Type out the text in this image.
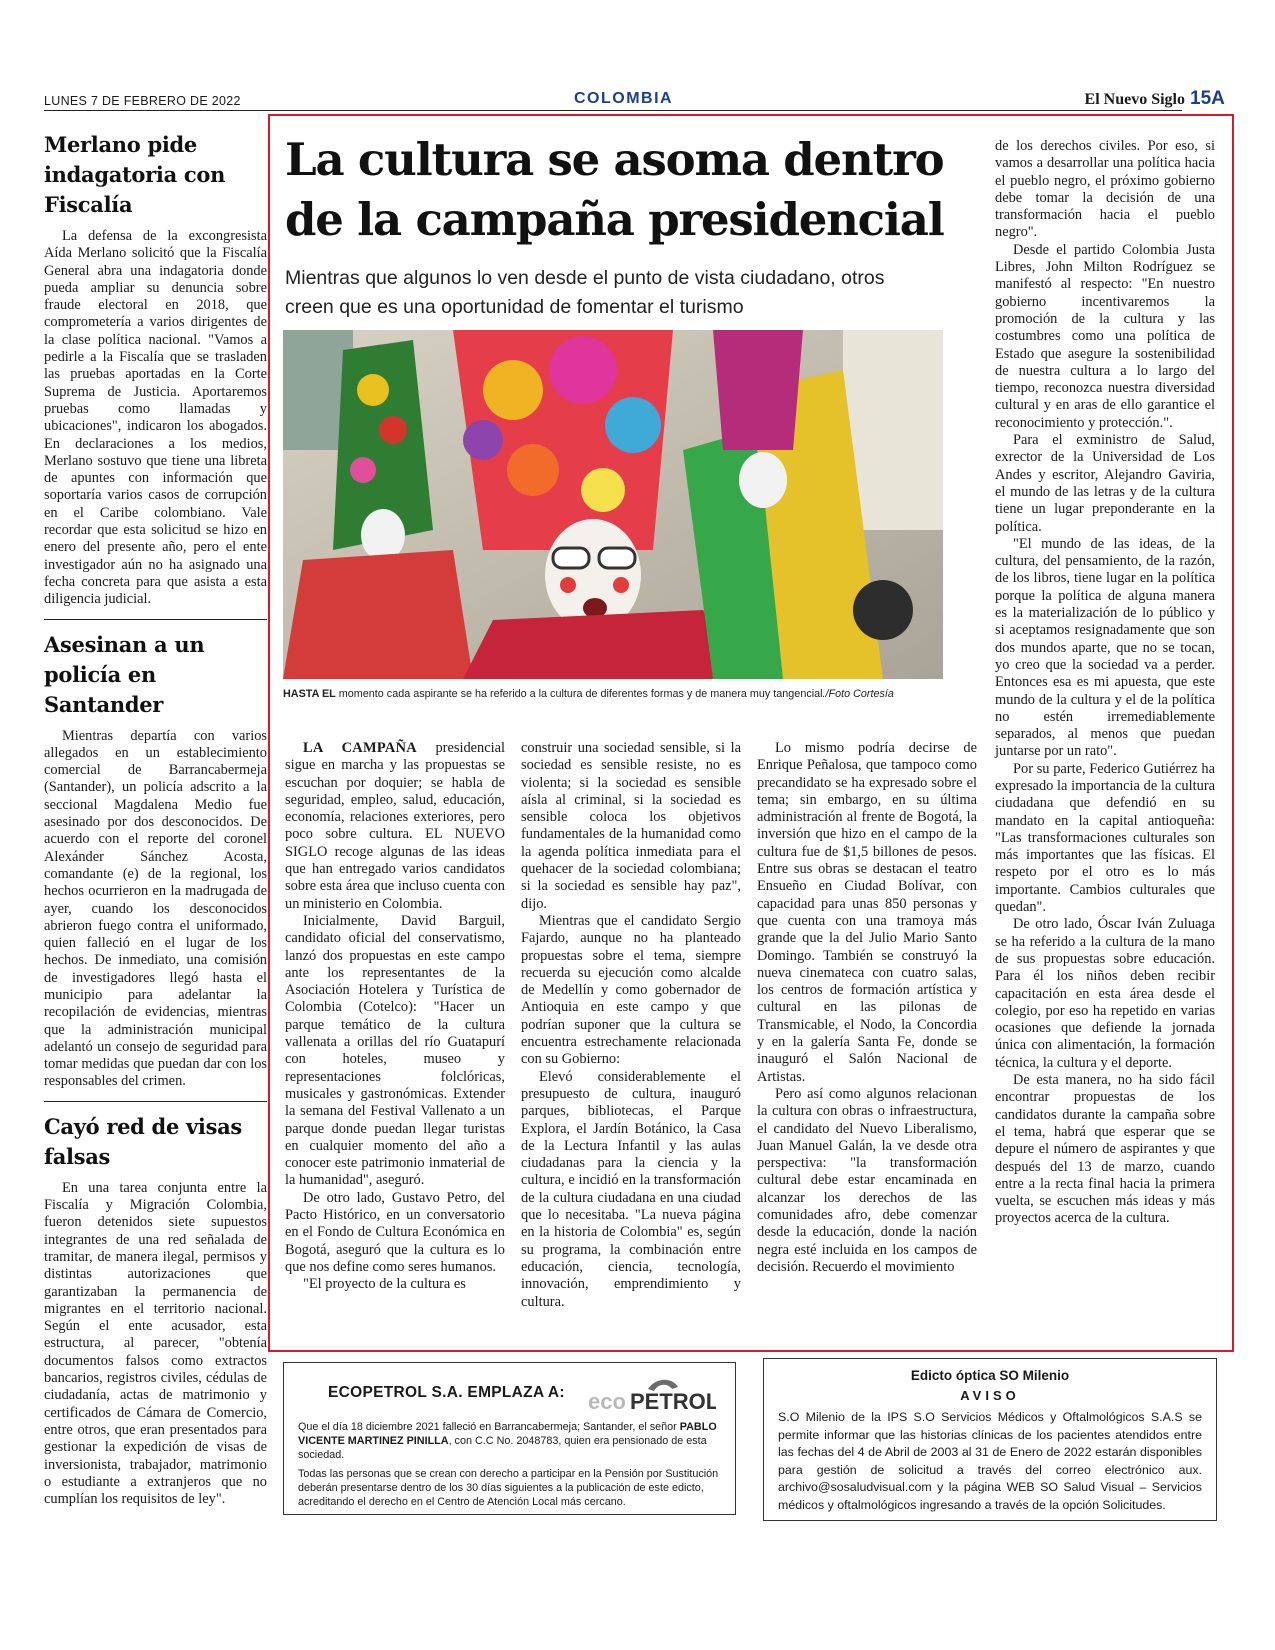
LUNES 7 DE FEBRERO DE 2022	COLOMBIA	El Nuevo Siglo 15A
Merlano pide indagatoria con Fiscalía

La defensa de la excongresista Aída Merlano solicitó que la Fiscalía General abra una indagatoria donde pueda ampliar su denuncia sobre fraude electoral en 2018, que comprometería a varios dirigentes de la clase política nacional. "Vamos a pedirle a la Fiscalía que se trasladen las pruebas aportadas en la Corte Suprema de Justicia. Aportaremos pruebas como llamadas y ubicaciones", indicaron los abogados. En declaraciones a los medios, Merlano sostuvo que tiene una libreta de apuntes con información que soportaría varios casos de corrupción en el Caribe colombiano. Vale recordar que esta solicitud se hizo en enero del presente año, pero el ente investigador aún no ha asignado una fecha concreta para que asista a esta diligencia judicial.

Asesinan a un policía en Santander

Mientras departía con varios allegados en un establecimiento comercial de Barrancabermeja (Santander), un policía adscrito a la seccional Magdalena Medio fue asesinado por dos desconocidos. De acuerdo con el reporte del coronel Alexánder Sánchez Acosta, comandante (e) de la regional, los hechos ocurrieron en la madrugada de ayer, cuando los desconocidos abrieron fuego contra el uniformado, quien falleció en el lugar de los hechos. De inmediato, una comisión de investigadores llegó hasta el municipio para adelantar la recopilación de evidencias, mientras que la administración municipal adelantó un consejo de seguridad para tomar medidas que puedan dar con los responsables del crimen.

Cayó red de visas falsas

En una tarea conjunta entre la Fiscalía y Migración Colombia, fueron detenidos siete supuestos integrantes de una red señalada de tramitar, de manera ilegal, permisos y distintas autorizaciones que garantizaban la permanencia de migrantes en el territorio nacional. Según el ente acusador, esta estructura, al parecer, "obtenía documentos falsos como extractos bancarios, registros civiles, cédulas de ciudadanía, actas de matrimonio y certificados de Cámara de Comercio, entre otros, que eran presentados para gestionar la expedición de visas de inversionista, trabajador, matrimonio o estudiante a extranjeros que no cumplían los requisitos de ley".

La cultura se asoma dentro de la campaña presidencial

Mientras que algunos lo ven desde el punto de vista ciudadano, otros creen que es una oportunidad de fomentar el turismo

HASTA EL momento cada aspirante se ha referido a la cultura de diferentes formas y de manera muy tangencial./Foto Cortesía

LA CAMPAÑA presidencial sigue en marcha y las propuestas se escuchan por doquier; se habla de seguridad, empleo, salud, educación, economía, relaciones exteriores, pero poco sobre cultura. EL NUEVO SIGLO recoge algunas de las ideas que han entregado varios candidatos sobre esta área que incluso cuenta con un ministerio en Colombia.

Inicialmente, David Barguil, candidato oficial del conservatismo, lanzó dos propuestas en este campo ante los representantes de la Asociación Hotelera y Turística de Colombia (Cotelco): "Hacer un parque temático de la cultura vallenata a orillas del río Guatapurí con hoteles, museo y representaciones folclóricas, musicales y gastronómicas. Extender la semana del Festival Vallenato a un parque donde puedan llegar turistas en cualquier momento del año a conocer este patrimonio inmaterial de la humanidad", aseguró.

De otro lado, Gustavo Petro, del Pacto Histórico, en un conversatorio en el Fondo de Cultura Económica en Bogotá, aseguró que la cultura es lo que nos define como seres humanos.

"El proyecto de la cultura es

construir una sociedad sensible, si la sociedad es sensible resiste, no es violenta; si la sociedad es sensible aísla al criminal, si la sociedad es sensible coloca los objetivos fundamentales de la humanidad como la agenda política inmediata para el quehacer de la sociedad colombiana; si la sociedad es sensible hay paz", dijo.

Mientras que el candidato Sergio Fajardo, aunque no ha planteado propuestas sobre el tema, siempre recuerda su ejecución como alcalde de Medellín y como gobernador de Antioquia en este campo y que podrían suponer que la cultura se encuentra estrechamente relacionada con su Gobierno:

Elevó considerablemente el presupuesto de cultura, inauguró parques, bibliotecas, el Parque Explora, el Jardín Botánico, la Casa de la Lectura Infantil y las aulas ciudadanas para la ciencia y la cultura, e incidió en la transformación de la cultura ciudadana en una ciudad que lo necesitaba. "La nueva página en la historia de Colombia" es, según su programa, la combinación entre educación, ciencia, tecnología, innovación, emprendimiento y cultura.

Lo mismo podría decirse de Enrique Peñalosa, que tampoco como precandidato se ha expresado sobre el tema; sin embargo, en su última administración al frente de Bogotá, la inversión que hizo en el campo de la cultura fue de $1,5 billones de pesos. Entre sus obras se destacan el teatro Ensueño en Ciudad Bolívar, con capacidad para unas 850 personas y que cuenta con una tramoya más grande que la del Julio Mario Santo Domingo. También se construyó la nueva cinemateca con cuatro salas, los centros de formación artística y cultural en las pilonas de Transmicable, el Nodo, la Concordia y en la galería Santa Fe, donde se inauguró el Salón Nacional de Artistas.

Pero así como algunos relacionan la cultura con obras o infraestructura, el candidato del Nuevo Liberalismo, Juan Manuel Galán, la ve desde otra perspectiva: "la transformación cultural debe estar encaminada en alcanzar los derechos de las comunidades afro, debe comenzar desde la educación, donde la nación negra esté incluida en los campos de decisión. Recuerdo el movimiento

de los derechos civiles. Por eso, si vamos a desarrollar una política hacia el pueblo negro, el próximo gobierno debe tomar la decisión de una transformación hacia el pueblo negro".

Desde el partido Colombia Justa Libres, John Milton Rodríguez se manifestó al respecto: "En nuestro gobierno incentivaremos la promoción de la cultura y las costumbres como una política de Estado que asegure la sostenibilidad de nuestra cultura a lo largo del tiempo, reconozca nuestra diversidad cultural y en aras de ello garantice el reconocimiento y protección.".

Para el exministro de Salud, exrector de la Universidad de Los Andes y escritor, Alejandro Gaviria, el mundo de las letras y de la cultura tiene un lugar preponderante en la política.

"El mundo de las ideas, de la cultura, del pensamiento, de la razón, de los libros, tiene lugar en la política porque la política de alguna manera es la materialización de lo público y si aceptamos resignadamente que son dos mundos aparte, que no se tocan, yo creo que la sociedad va a perder. Entonces esa es mi apuesta, que este mundo de la cultura y el de la política no estén irremediablemente separados, al menos que puedan juntarse por un rato".

Por su parte, Federico Gutiérrez ha expresado la importancia de la cultura ciudadana que defendió en su mandato en la capital antioqueña: "Las transformaciones culturales son más importantes que las físicas. El respeto por el otro es lo más importante. Cambios culturales que quedan".

De otro lado, Óscar Iván Zuluaga se ha referido a la cultura de la mano de sus propuestas sobre educación. Para él los niños deben recibir capacitación en esta área desde el colegio, por eso ha repetido en varias ocasiones que defiende la jornada única con alimentación, la formación técnica, la cultura y el deporte.

De esta manera, no ha sido fácil encontrar propuestas de los candidatos durante la campaña sobre el tema, habrá que esperar que se depure el número de aspirantes y que después del 13 de marzo, cuando entre a la recta final hacia la primera vuelta, se escuchen más ideas y más proyectos acerca de la cultura.

ECOPETROL S.A. EMPLAZA A: eco PETROL

Que el día 18 diciembre 2021 falleció en Barrancabermeja; Santander, el señor PABLO VICENTE MARTINEZ PINILLA, con C.C No. 2048783, quien era pensionado de esta sociedad.

Todas las personas que se crean con derecho a participar en la Pensión por Sustitución deberán presentarse dentro de los 30 días siguientes a la publicación de este edicto, acreditando el derecho en el Centro de Atención Local más cercano.

Edicto óptica SO Milenio
AVISO

S.O Milenio de la IPS S.O Servicios Médicos y Oftalmológicos S.A.S se permite informar que las historias clínicas de los pacientes atendidos entre las fechas del 4 de Abril de 2003 al 31 de Enero de 2022 estarán disponibles para gestión de solicitud a través del correo electrónico aux. archivo@sosaludvisual.com y la página WEB SO Salud Visual – Servicios médicos y oftalmológicos ingresando a través de la opción Solicitudes.
